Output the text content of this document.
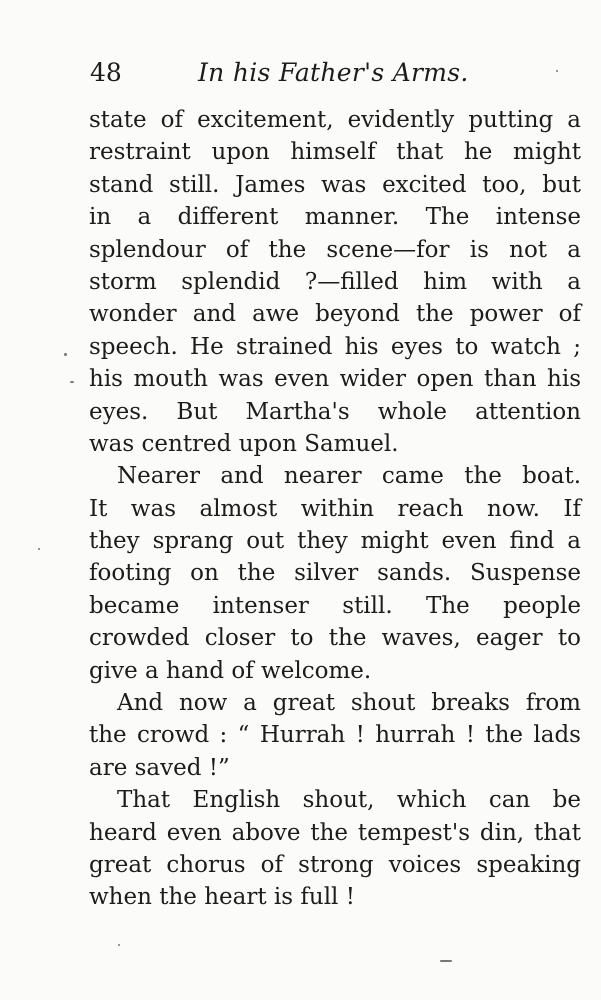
48	In his Father's Arms.

state of excitement, evidently putting a
restraint upon himself that he might
stand still. James was excited too, but
in a different manner. The intense
splendour of the scene—for is not a
storm splendid ?—filled him with a
wonder and awe beyond the power of
speech. He strained his eyes to watch ;
his mouth was even wider open than his
eyes. But Martha's whole attention
was centred upon Samuel.

Nearer and nearer came the boat.
It was almost within reach now. If
they sprang out they might even find a
footing on the silver sands. Suspense
became intenser still. The people
crowded closer to the waves, eager to
give a hand of welcome.

And now a great shout breaks from
the crowd : “ Hurrah ! hurrah ! the lads
are saved !”

That English shout, which can be
heard even above the tempest's din, that
great chorus of strong voices speaking
when the heart is full !
